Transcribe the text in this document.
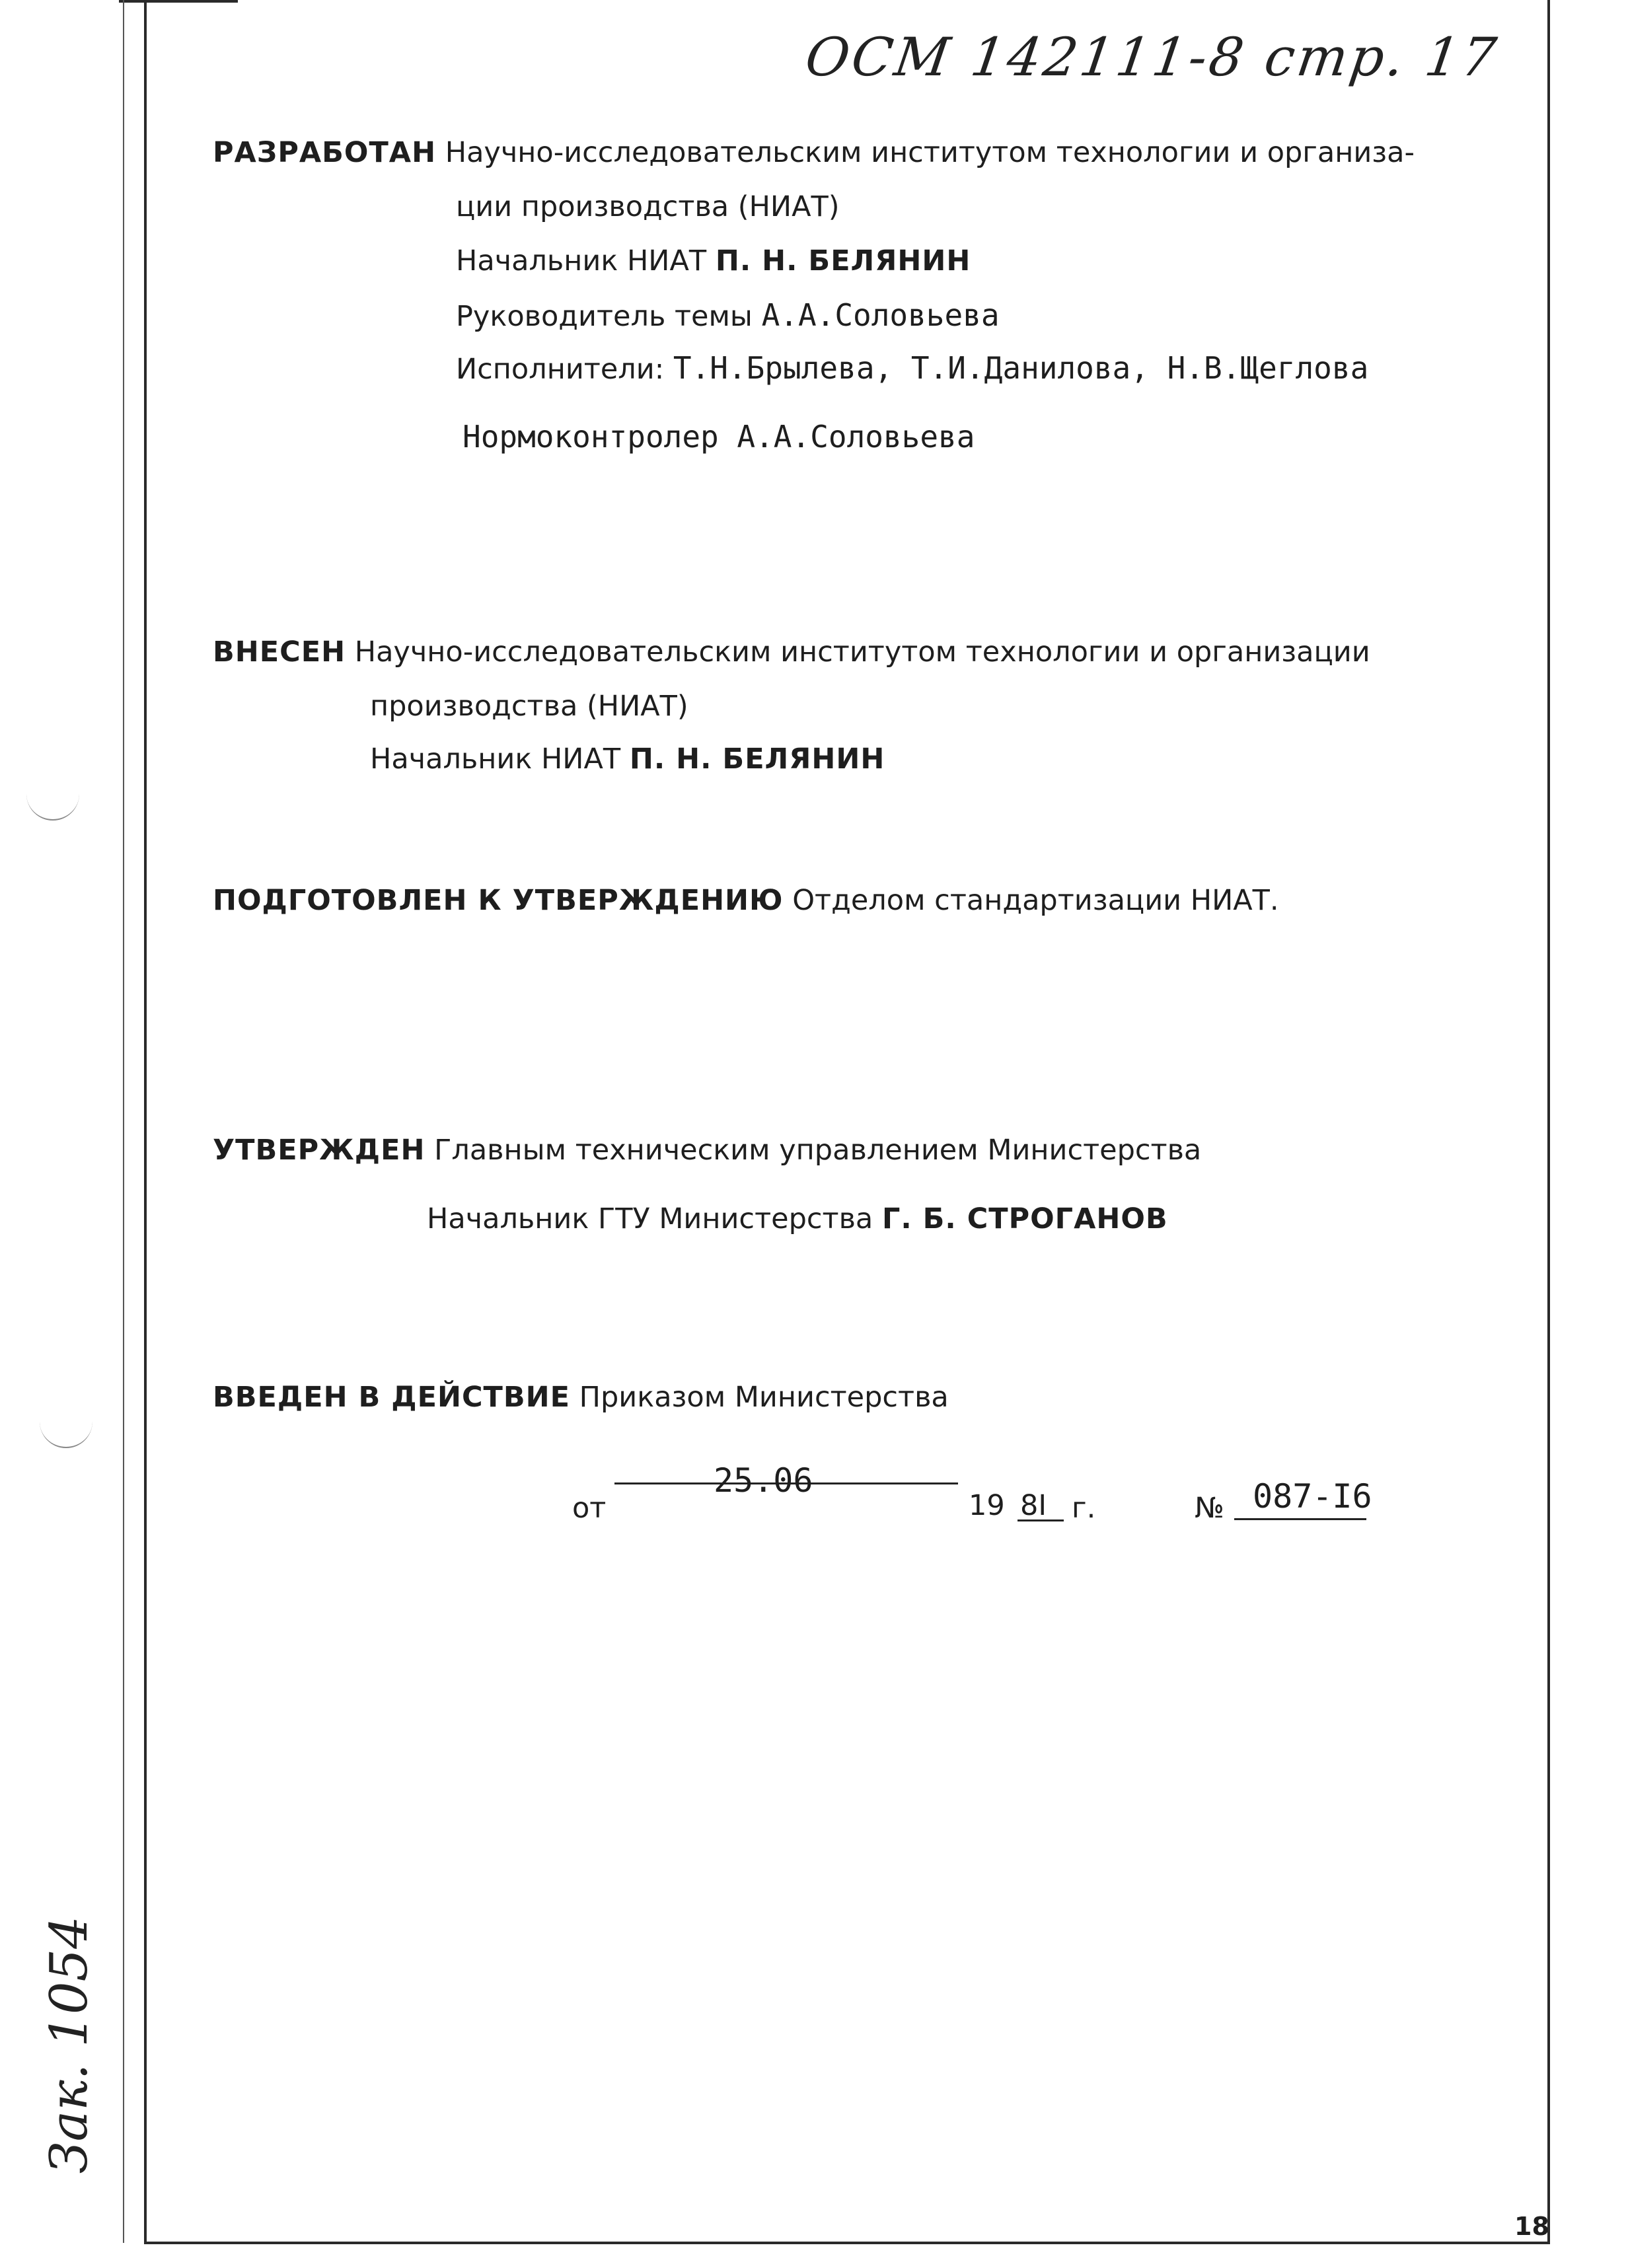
ОСМ 142111-8 стр. 17
Зак. 1054
РАЗРАБОТАН Научно-исследовательским институтом технологии и организа-
ции производства (НИАТ)
Начальник НИАТ П. Н. БЕЛЯНИН
Руководитель темы А.А.Соловьева
Исполнители: Т.Н.Брылева, Т.И.Данилова, Н.В.Щеглова
Нормоконтролер А.А.Соловьева
ВНЕСЕН Научно-исследовательским институтом технологии и организации
производства (НИАТ)
Начальник НИАТ П. Н. БЕЛЯНИН
ПОДГОТОВЛЕН К УТВЕРЖДЕНИЮ Отделом стандартизации НИАТ.
УТВЕРЖДЕН Главным техническим управлением Министерства
Начальник ГТУ Министерства Г. Б. СТРОГАНОВ
ВВЕДЕН В ДЕЙСТВИЕ Приказом Министерства
от
25.06
19 8I г.	№ 087-I6
18
